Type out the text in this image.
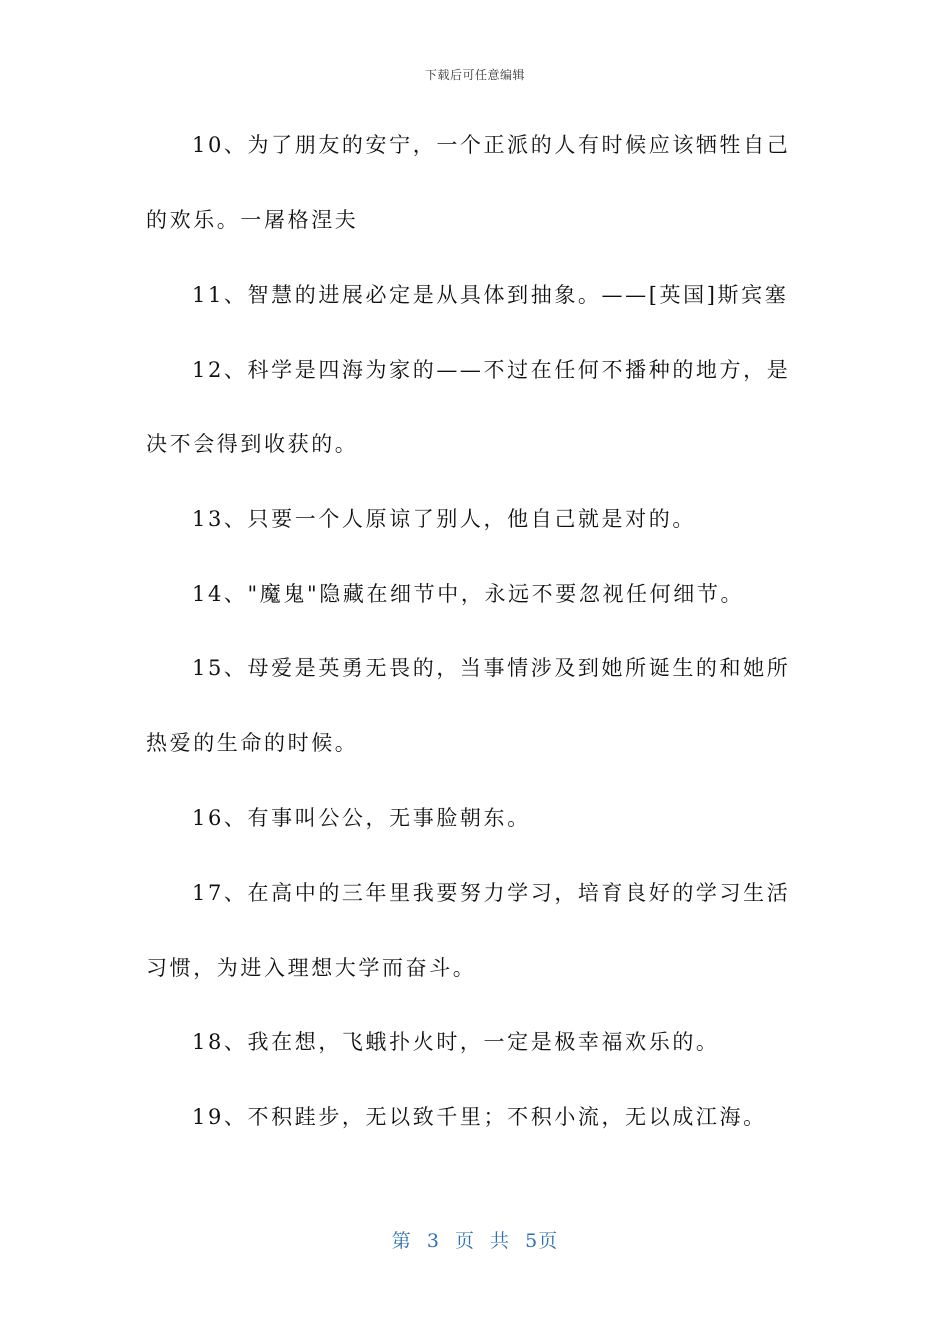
下载后可任意编辑
10、为了朋友的安宁，一个正派的人有时候应该牺牲自己
的欢乐。一屠格涅夫
11、智慧的进展必定是从具体到抽象。——[英国]斯宾塞
12、科学是四海为家的——不过在任何不播种的地方，是
决不会得到收获的。
13、只要一个人原谅了别人，他自己就是对的。
14、"魔鬼"隐藏在细节中，永远不要忽视任何细节。
15、母爱是英勇无畏的，当事情涉及到她所诞生的和她所
热爱的生命的时候。
16、有事叫公公，无事脸朝东。
17、在高中的三年里我要努力学习，培育良好的学习生活
习惯，为进入理想大学而奋斗。
18、我在想，飞蛾扑火时，一定是极幸福欢乐的。
19、不积跬步，无以致千里；不积小流，无以成江海。
第 3 页 共 5页
